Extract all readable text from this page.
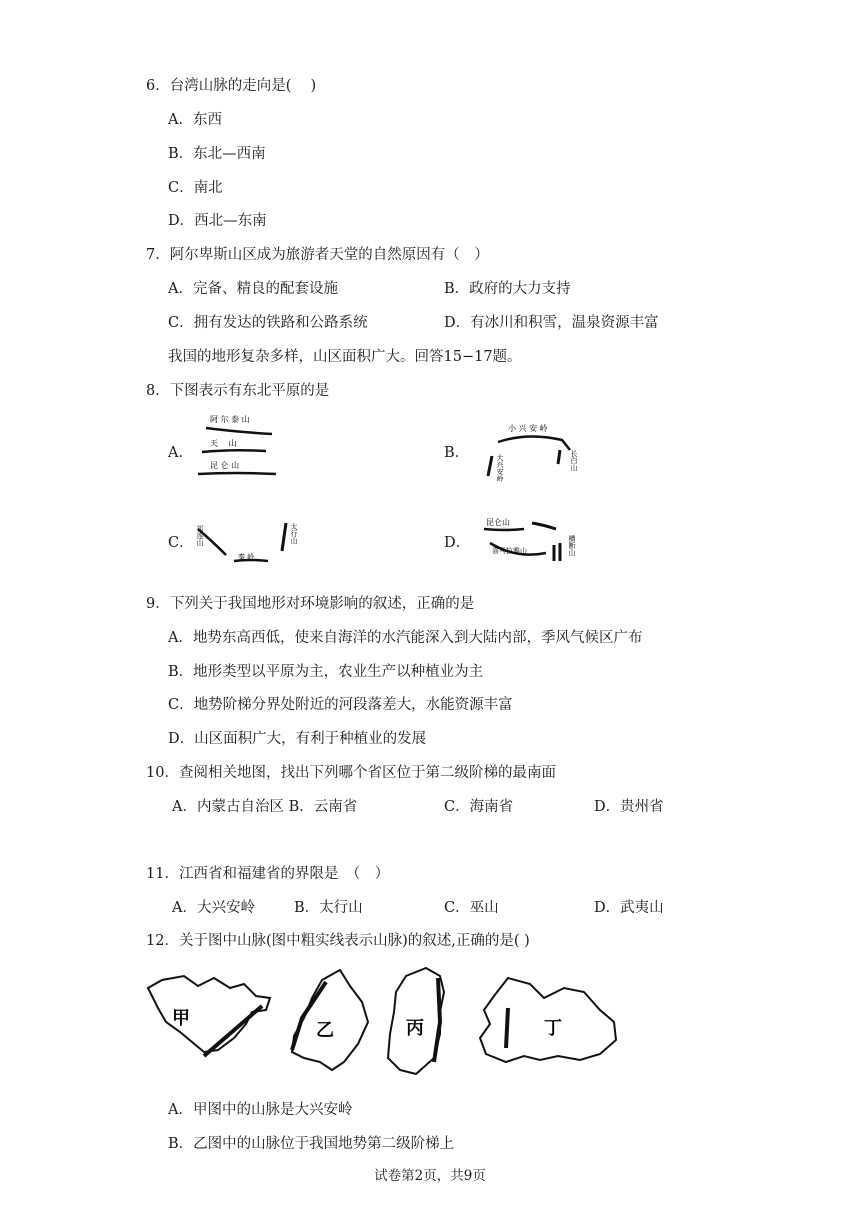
6．台湾山脉的走向是(　 )
A．东西
B．东北—西南
C．南北
D．西北—东南
7．阿尔卑斯山区成为旅游者天堂的自然原因有（　）
A．完备、精良的配套设施	B．政府的大力支持
C．拥有发达的铁路和公路系统	D．有冰川和积雪，温泉资源丰富
我国的地形复杂多样，山区面积广大。回答15−17题。
8．下图表示有东北平原的是
A．
阿 尔 泰 山
天　 山
昆 仑 山
B．
小 兴 安 岭
大兴安岭	长白山
C． 祁连山
秦 岭
太行山	D．
昆仑山
喜马拉雅山	横断山
9．下列关于我国地形对环境影响的叙述，正确的是
A．地势东高西低，使来自海洋的水汽能深入到大陆内部，季风气候区广布
B．地形类型以平原为主，农业生产以种植业为主
C．地势阶梯分界处附近的河段落差大，水能资源丰富
D．山区面积广大，有利于种植业的发展
10．查阅相关地图，找出下列哪个省区位于第二级阶梯的最南面
A．内蒙古自治区 B．云南省	C．海南省	D．贵州省
11．江西省和福建省的界限是　（　）
A．大兴安岭	B．太行山	C．巫山	D．武夷山
12．关于图中山脉(图中粗实线表示山脉)的叙述,正确的是( )
甲
乙	丙	丁
A．甲图中的山脉是大兴安岭
B．乙图中的山脉位于我国地势第二级阶梯上
试卷第2页，共9页
